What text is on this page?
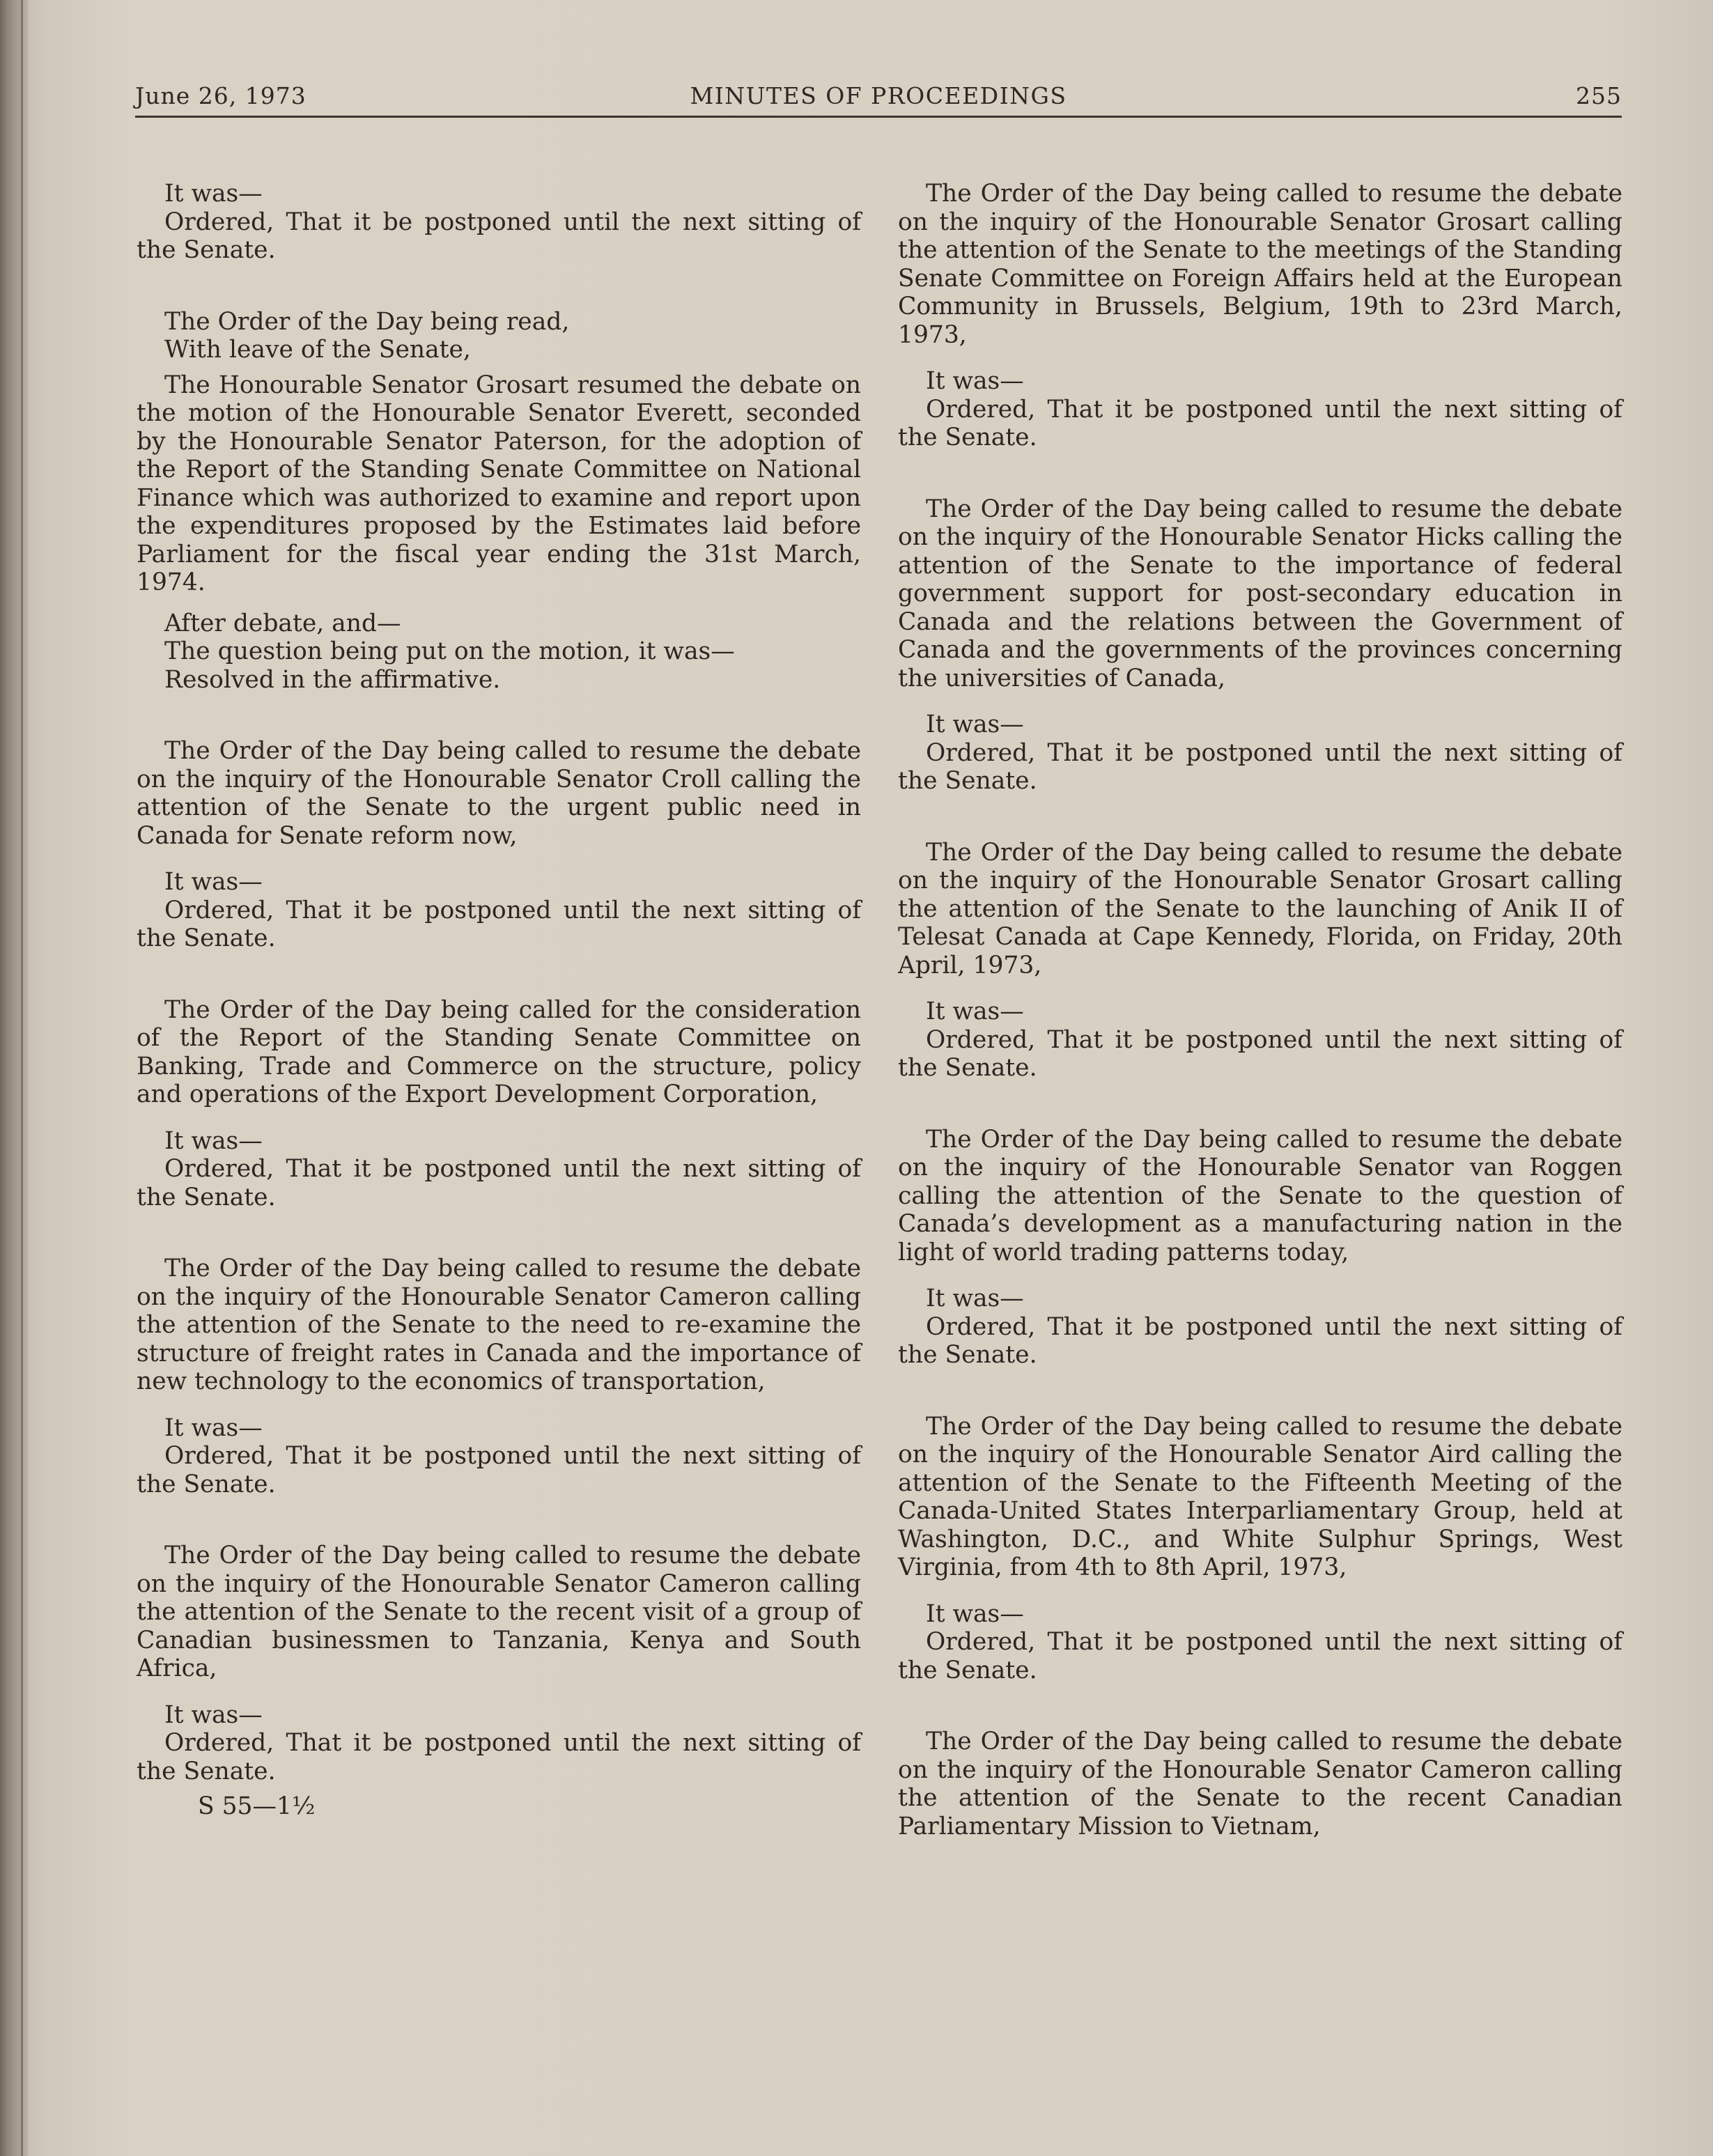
June 26, 1973	MINUTES OF PROCEEDINGS	255

It was—

Ordered, That it be postponed until the next sitting of the Senate.

The Order of the Day being read,

With leave of the Senate,

The Honourable Senator Grosart resumed the debate on the motion of the Honourable Senator Everett, seconded by the Honourable Senator Paterson, for the adoption of the Report of the Standing Senate Committee on National Finance which was authorized to examine and report upon the expenditures proposed by the Estimates laid before Parliament for the fiscal year ending the 31st March, 1974.

After debate, and—

The question being put on the motion, it was—

Resolved in the affirmative.

The Order of the Day being called to resume the debate on the inquiry of the Honourable Senator Croll calling the attention of the Senate to the urgent public need in Canada for Senate reform now,

It was—

Ordered, That it be postponed until the next sitting of the Senate.

The Order of the Day being called for the consideration of the Report of the Standing Senate Committee on Banking, Trade and Commerce on the structure, policy and operations of the Export Development Corporation,

It was—

Ordered, That it be postponed until the next sitting of the Senate.

The Order of the Day being called to resume the debate on the inquiry of the Honourable Senator Cameron calling the attention of the Senate to the need to re-examine the structure of freight rates in Canada and the importance of new technology to the economics of transportation,

It was—

Ordered, That it be postponed until the next sitting of the Senate.

The Order of the Day being called to resume the debate on the inquiry of the Honourable Senator Cameron calling the attention of the Senate to the recent visit of a group of Canadian businessmen to Tanzania, Kenya and South Africa,

It was—

Ordered, That it be postponed until the next sitting of the Senate.

S 55—1½

The Order of the Day being called to resume the debate on the inquiry of the Honourable Senator Grosart calling the attention of the Senate to the meetings of the Standing Senate Committee on Foreign Affairs held at the European Community in Brussels, Belgium, 19th to 23rd March, 1973,

It was—

Ordered, That it be postponed until the next sitting of the Senate.

The Order of the Day being called to resume the debate on the inquiry of the Honourable Senator Hicks calling the attention of the Senate to the importance of federal government support for post-secondary education in Canada and the relations between the Government of Canada and the governments of the provinces concerning the universities of Canada,

It was—

Ordered, That it be postponed until the next sitting of the Senate.

The Order of the Day being called to resume the debate on the inquiry of the Honourable Senator Grosart calling the attention of the Senate to the launching of Anik II of Telesat Canada at Cape Kennedy, Florida, on Friday, 20th April, 1973,

It was—

Ordered, That it be postponed until the next sitting of the Senate.

The Order of the Day being called to resume the debate on the inquiry of the Honourable Senator van Roggen calling the attention of the Senate to the question of Canada’s development as a manufacturing nation in the light of world trading patterns today,

It was—

Ordered, That it be postponed until the next sitting of the Senate.

The Order of the Day being called to resume the debate on the inquiry of the Honourable Senator Aird calling the attention of the Senate to the Fifteenth Meeting of the Canada-United States Interparliamentary Group, held at Washington, D.C., and White Sulphur Springs, West Virginia, from 4th to 8th April, 1973,

It was—

Ordered, That it be postponed until the next sitting of the Senate.

The Order of the Day being called to resume the debate on the inquiry of the Honourable Senator Cameron calling the attention of the Senate to the recent Canadian Parliamentary Mission to Vietnam,
